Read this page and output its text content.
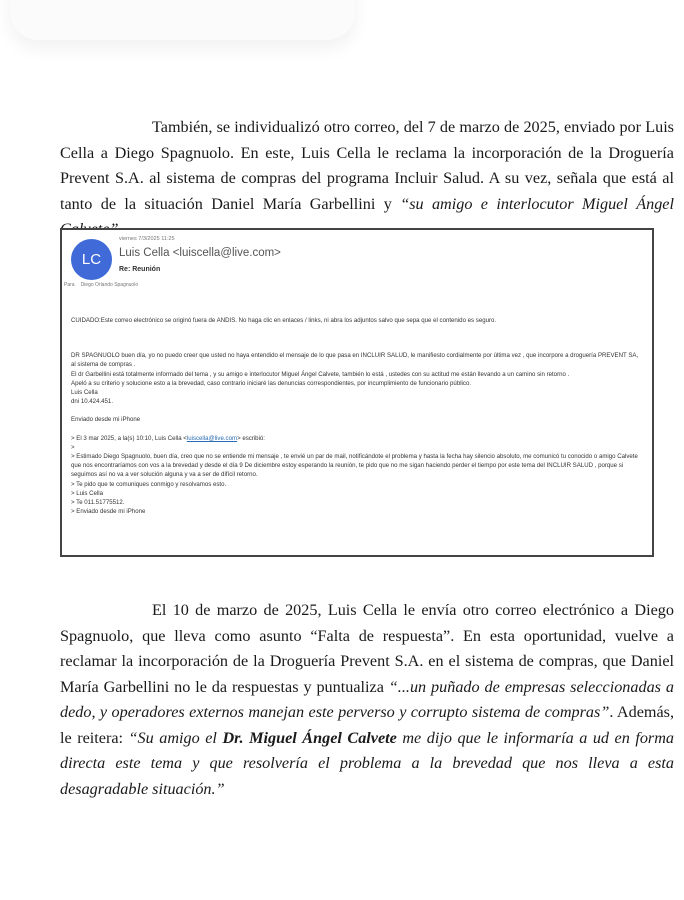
También, se individualizó otro correo, del 7 de marzo de 2025, enviado por Luis Cella a Diego Spagnuolo. En este, Luis Cella le reclama la incorporación de la Droguería Prevent S.A. al sistema de compras del programa Incluir Salud. A su vez, señala que está al tanto de la situación Daniel María Garbellini y “su amigo e interlocutor Miguel Ángel

LC
viernes 7/3/2025 11:25
Luis Cella <luiscella@live.com>
Re: Reunión
Para Diego Orlando Spagnuolo

CUIDADO:Este correo electrónico se originó fuera de ANDIS. No haga clic en enlaces / links, ni abra los adjuntos salvo que sepa que el contenido es seguro.

DR SPAGNUOLO buen día, yo no puedo creer que usted no haya entendido el mensaje de lo que pasa en INCLUIR SALUD, le manifiesto cordialmente por última vez , que incorpore a droguería PREVENT SA, al sistema de compras .

El dr Garbellini está totalmente informado del tema , y su amigo e interlocutor Miguel Ángel Calvete, también lo está , ustedes con su actitud me están llevando a un camino sin retorno .

Apeló a su criterio y solucione esto a la brevedad, caso contrario iniciaré las denuncias correspondientes, por incumplimiento de funcionario público.

Luis Cella

dni 10.424.451.

Enviado desde mi iPhone

> El 3 mar 2025, a la(s) 10:10, Luis Cella <luiscella@live.com> escribió:

>

> Estimado Diego Spagnuolo, buen día, creo que no se entiende mi mensaje , te envié un par de mail, notificándote el problema y hasta la fecha hay silencio absoluto, me comunicó tu conocido o amigo Calvete que nos encontraríamos con vos a la brevedad y desde el día 9 De diciembre estoy esperando la reunión, te pido que no me sigan haciendo perder el tiempo por este tema del INCLUIR SALUD , porque si seguimos así no va a ver solución alguna y va a ser de difícil retorno.

> Te pido que te comuniques conmigo y resolvamos esto.

> Luis Cella

> Te 011.51775512.

> Enviado desde mi iPhone

El 10 de marzo de 2025, Luis Cella le envía otro correo electrónico a Diego Spagnuolo, que lleva como asunto “Falta de respuesta”. En esta oportunidad, vuelve a reclamar la incorporación de la Droguería Prevent S.A. en el sistema de compras, que Daniel María Garbellini no le da respuestas y puntualiza “...un puñado de empresas seleccionadas a dedo, y operadores externos manejan este perverso y corrupto sistema de compras”. Además, le reitera: “Su amigo el Dr. Miguel Ángel Calvete me dijo que le informaría a ud en forma directa este tema y que resolvería el problema a la brevedad que nos lleva a esta desagradable situación.”
